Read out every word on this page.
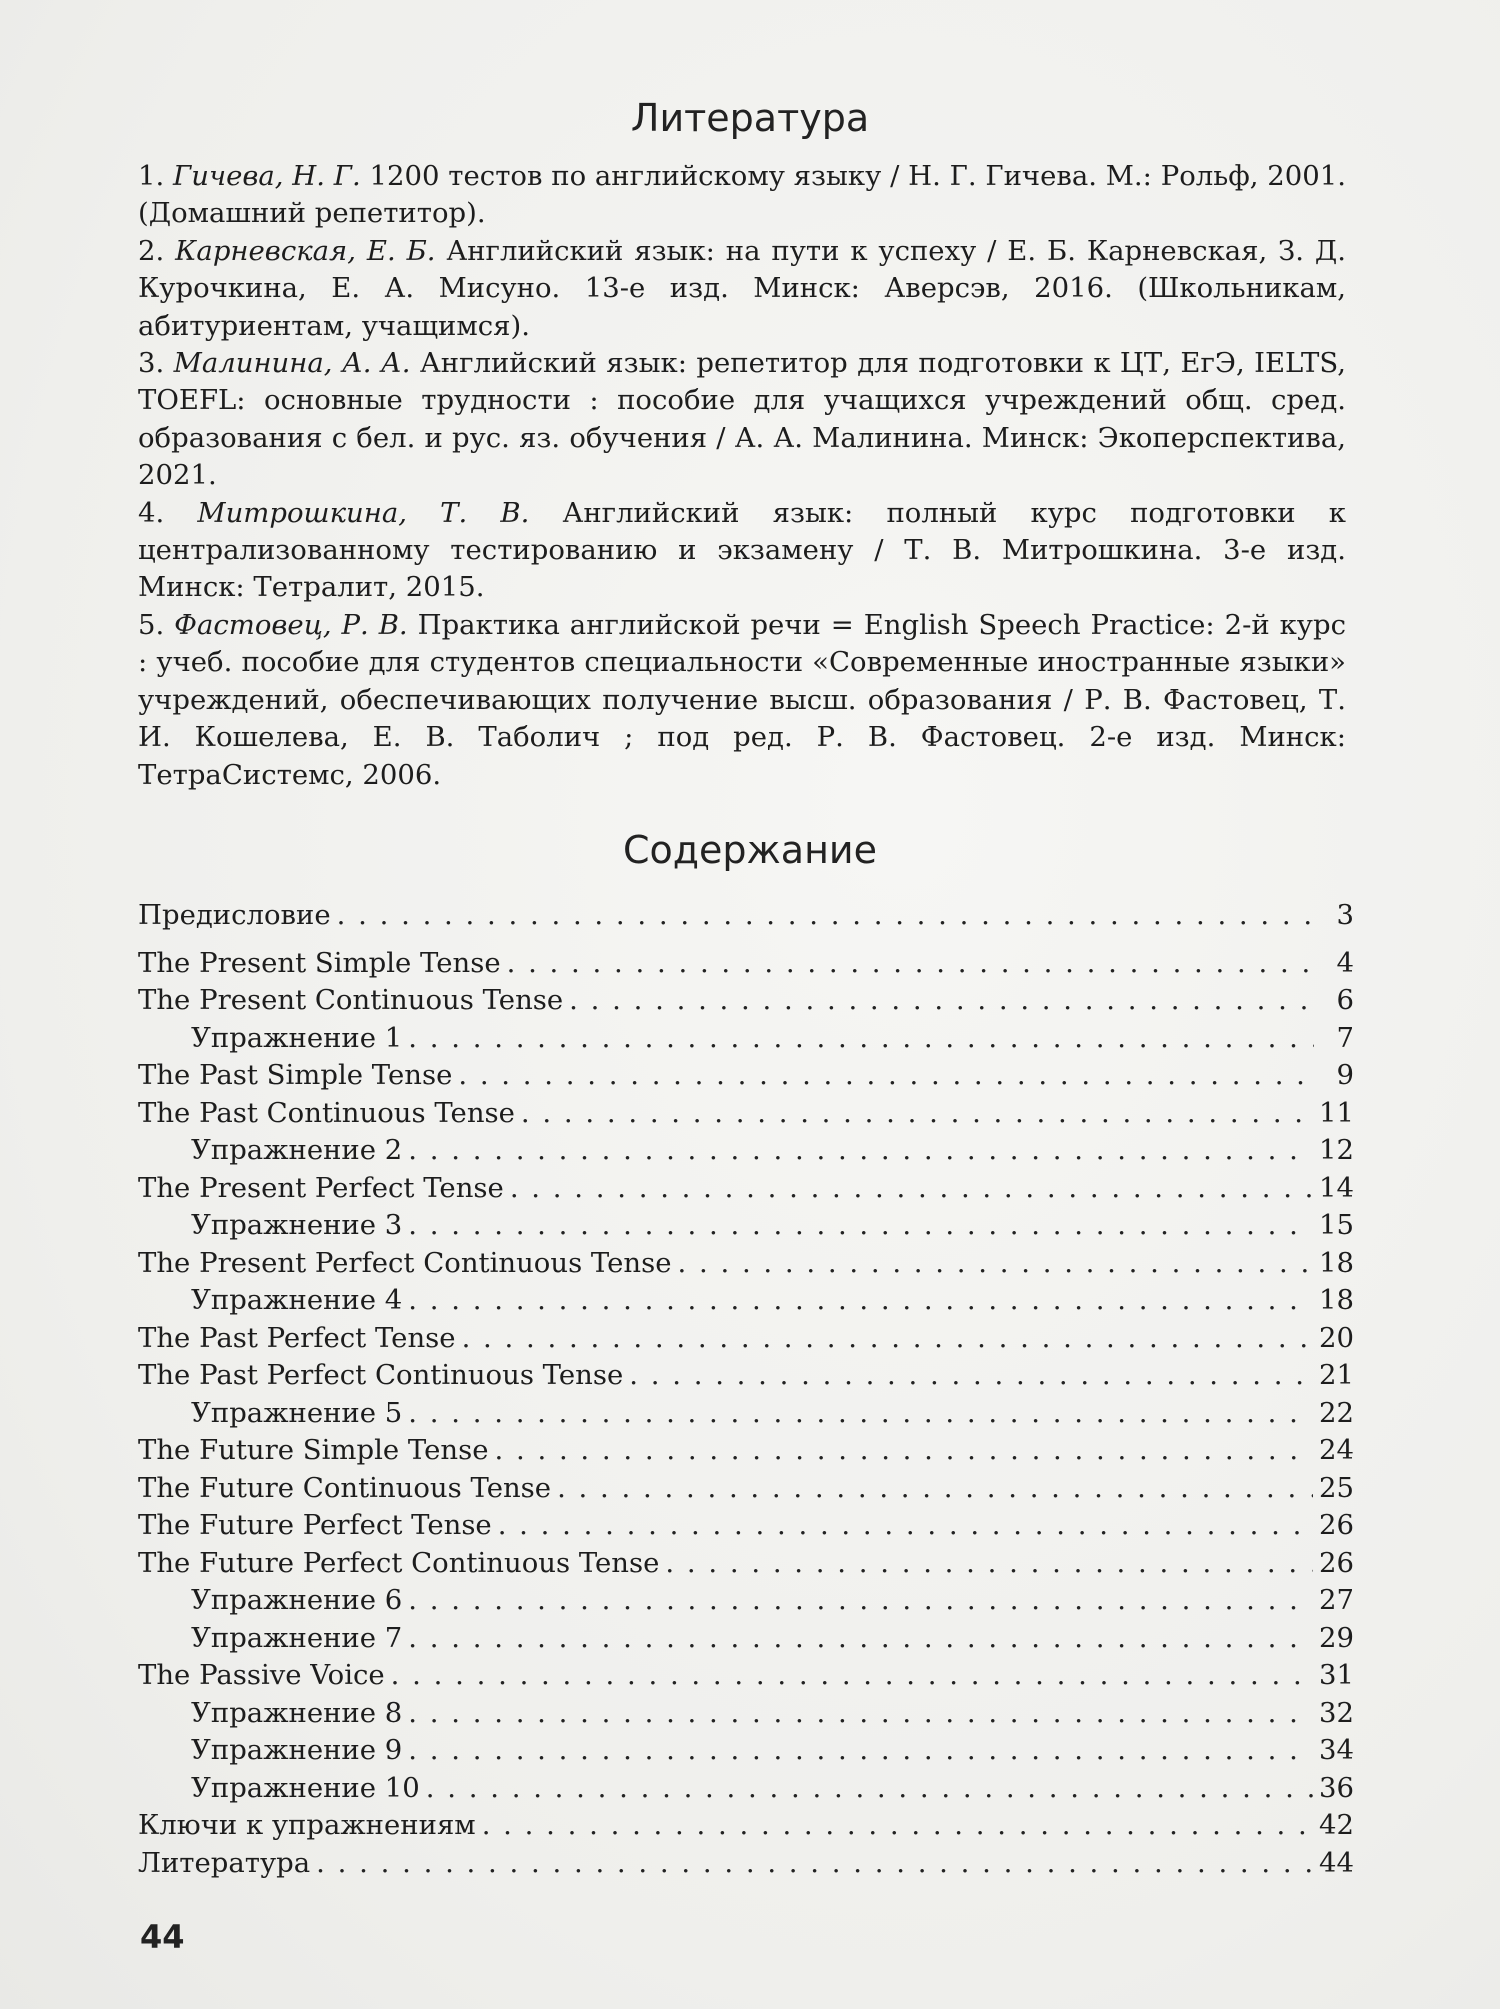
Литература
1. Гичева, Н. Г. 1200 тестов по английскому языку / Н. Г. Гичева. М.: Рольф, 2001. (Домашний репетитор).
2. Карневская, Е. Б. Английский язык: на пути к успеху / Е. Б. Карневская, З. Д. Курочкина, Е. А. Мисуно. 13-е изд. Минск: Аверсэв, 2016. (Школьникам, абитуриентам, учащимся).
3. Малинина, А. А. Английский язык: репетитор для подготовки к ЦТ, ЕгЭ, IELTS, TOEFL: основные трудности : пособие для учащихся учреждений общ. сред. образования с бел. и рус. яз. обучения / А. А. Малинина. Минск: Экоперспектива, 2021.
4. Митрошкина, Т. В. Английский язык: полный курс подготовки к централизованному тестированию и экзамену / Т. В. Митрошкина. 3-е изд. Минск: Тетралит, 2015.
5. Фастовец, Р. В. Практика английской речи = English Speech Practice: 2-й курс : учеб. пособие для студентов специальности «Современные иностранные языки» учреждений, обеспечивающих получение высш. образования / Р. В. Фастовец, Т. И. Кошелева, Е. В. Таболич ; под ред. Р. В. Фастовец. 2-е изд. Минск: ТетраСистемс, 2006.
Содержание
Предисловие . . .	3
The Present Simple Tense . . .	4
The Present Continuous Tense . . .	6
Упражнение 1 . . .	7
The Past Simple Tense . . .	9
The Past Continuous Tense . . .	11
Упражнение 2 . . .	12
The Present Perfect Tense . . .	14
Упражнение 3 . . .	15
The Present Perfect Continuous Tense . . .	18
Упражнение 4 . . .	18
The Past Perfect Tense . . .	20
The Past Perfect Continuous Tense . . .	21
Упражнение 5 . . .	22
The Future Simple Tense . . .	24
The Future Continuous Tense . . .	25
The Future Perfect Tense . . .	26
The Future Perfect Continuous Tense . . .	26
Упражнение 6 . . .	27
Упражнение 7 . . .	29
The Passive Voice . . .	31
Упражнение 8 . . .	32
Упражнение 9 . . .	34
Упражнение 10 . . .	36
Ключи к упражнениям . . .	42
Литература . . .	44
44
